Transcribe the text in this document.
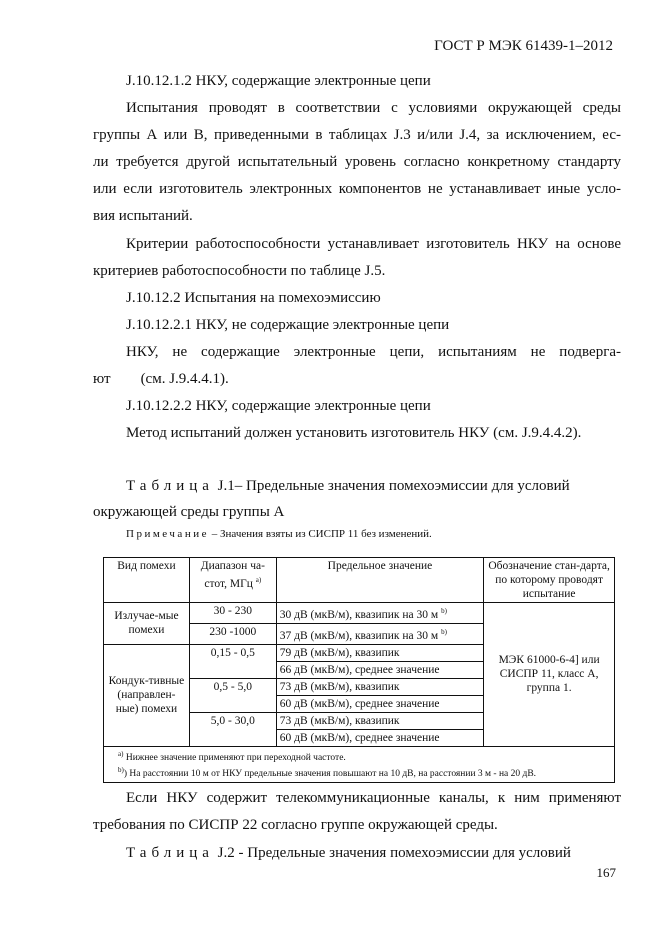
ГОСТ Р МЭК 61439-1–2012
J.10.12.1.2 НКУ, содержащие электронные цепи
Испытания проводят в соответствии с условиями окружающей среды
группы А или В, приведенными в таблицах J.3 и/или J.4, за исключением, ес-
ли требуется другой испытательный уровень согласно конкретному стандарту
или если изготовитель электронных компонентов не устанавливает иные усло-
вия испытаний.
Критерии работоспособности устанавливает изготовитель НКУ на основе
критериев работоспособности по таблице J.5.
J.10.12.2 Испытания на помехоэмиссию
J.10.12.2.1 НКУ, не содержащие электронные цепи
НКУ, не содержащие электронные цепи, испытаниям не подверга-
ют        (см. J.9.4.4.1).
J.10.12.2.2 НКУ, содержащие электронные цепи
Метод испытаний должен установить изготовитель НКУ (см. J.9.4.4.2).
Таблица J.1– Предельные значения помехоэмиссии для условий
окружающей среды группы А
Примечание – Значения взяты из СИСПР 11 без изменений.
Вид помехи	Диапазон ча-стот, МГц $^{a)}$	Предельное значение	Обозначение стан-дарта, по которому проводят испытание
Излучае-мые помехи	30 - 230	30 дВ (мкВ/м), квазипик на 30 м $^{b)}$	МЭК 61000-6-4] или СИСПР 11, класс А, группа 1.
	230 -1000	37 дВ (мкВ/м), квазипик на 30 м $^{b)}$
Кондук-тивные (направлен-ные) помехи	0,15 - 0,5	79 дВ (мкВ/м), квазипик	
		66 дВ (мкВ/м), среднее значение	
	0,5 - 5,0	73 дВ (мкВ/м), квазипик	
		60 дВ (мкВ/м), среднее значение	
	5,0 - 30,0	73 дВ (мкВ/м), квазипик	
		60 дВ (мкВ/м), среднее значение	

$^{a)}$ Нижнее значение применяют при переходной частоте.
$^{b)}$) На расстоянии 10 м от НКУ предельные значения повышают на 10 дВ, на расстоянии 3 м - на 20 дВ.			
Если НКУ содержит телекоммуникационные каналы, к ним применяют
требования по СИСПР 22 согласно группе окружающей среды.
Таблица J.2 - Предельные значения помехоэмиссии для условий
167
